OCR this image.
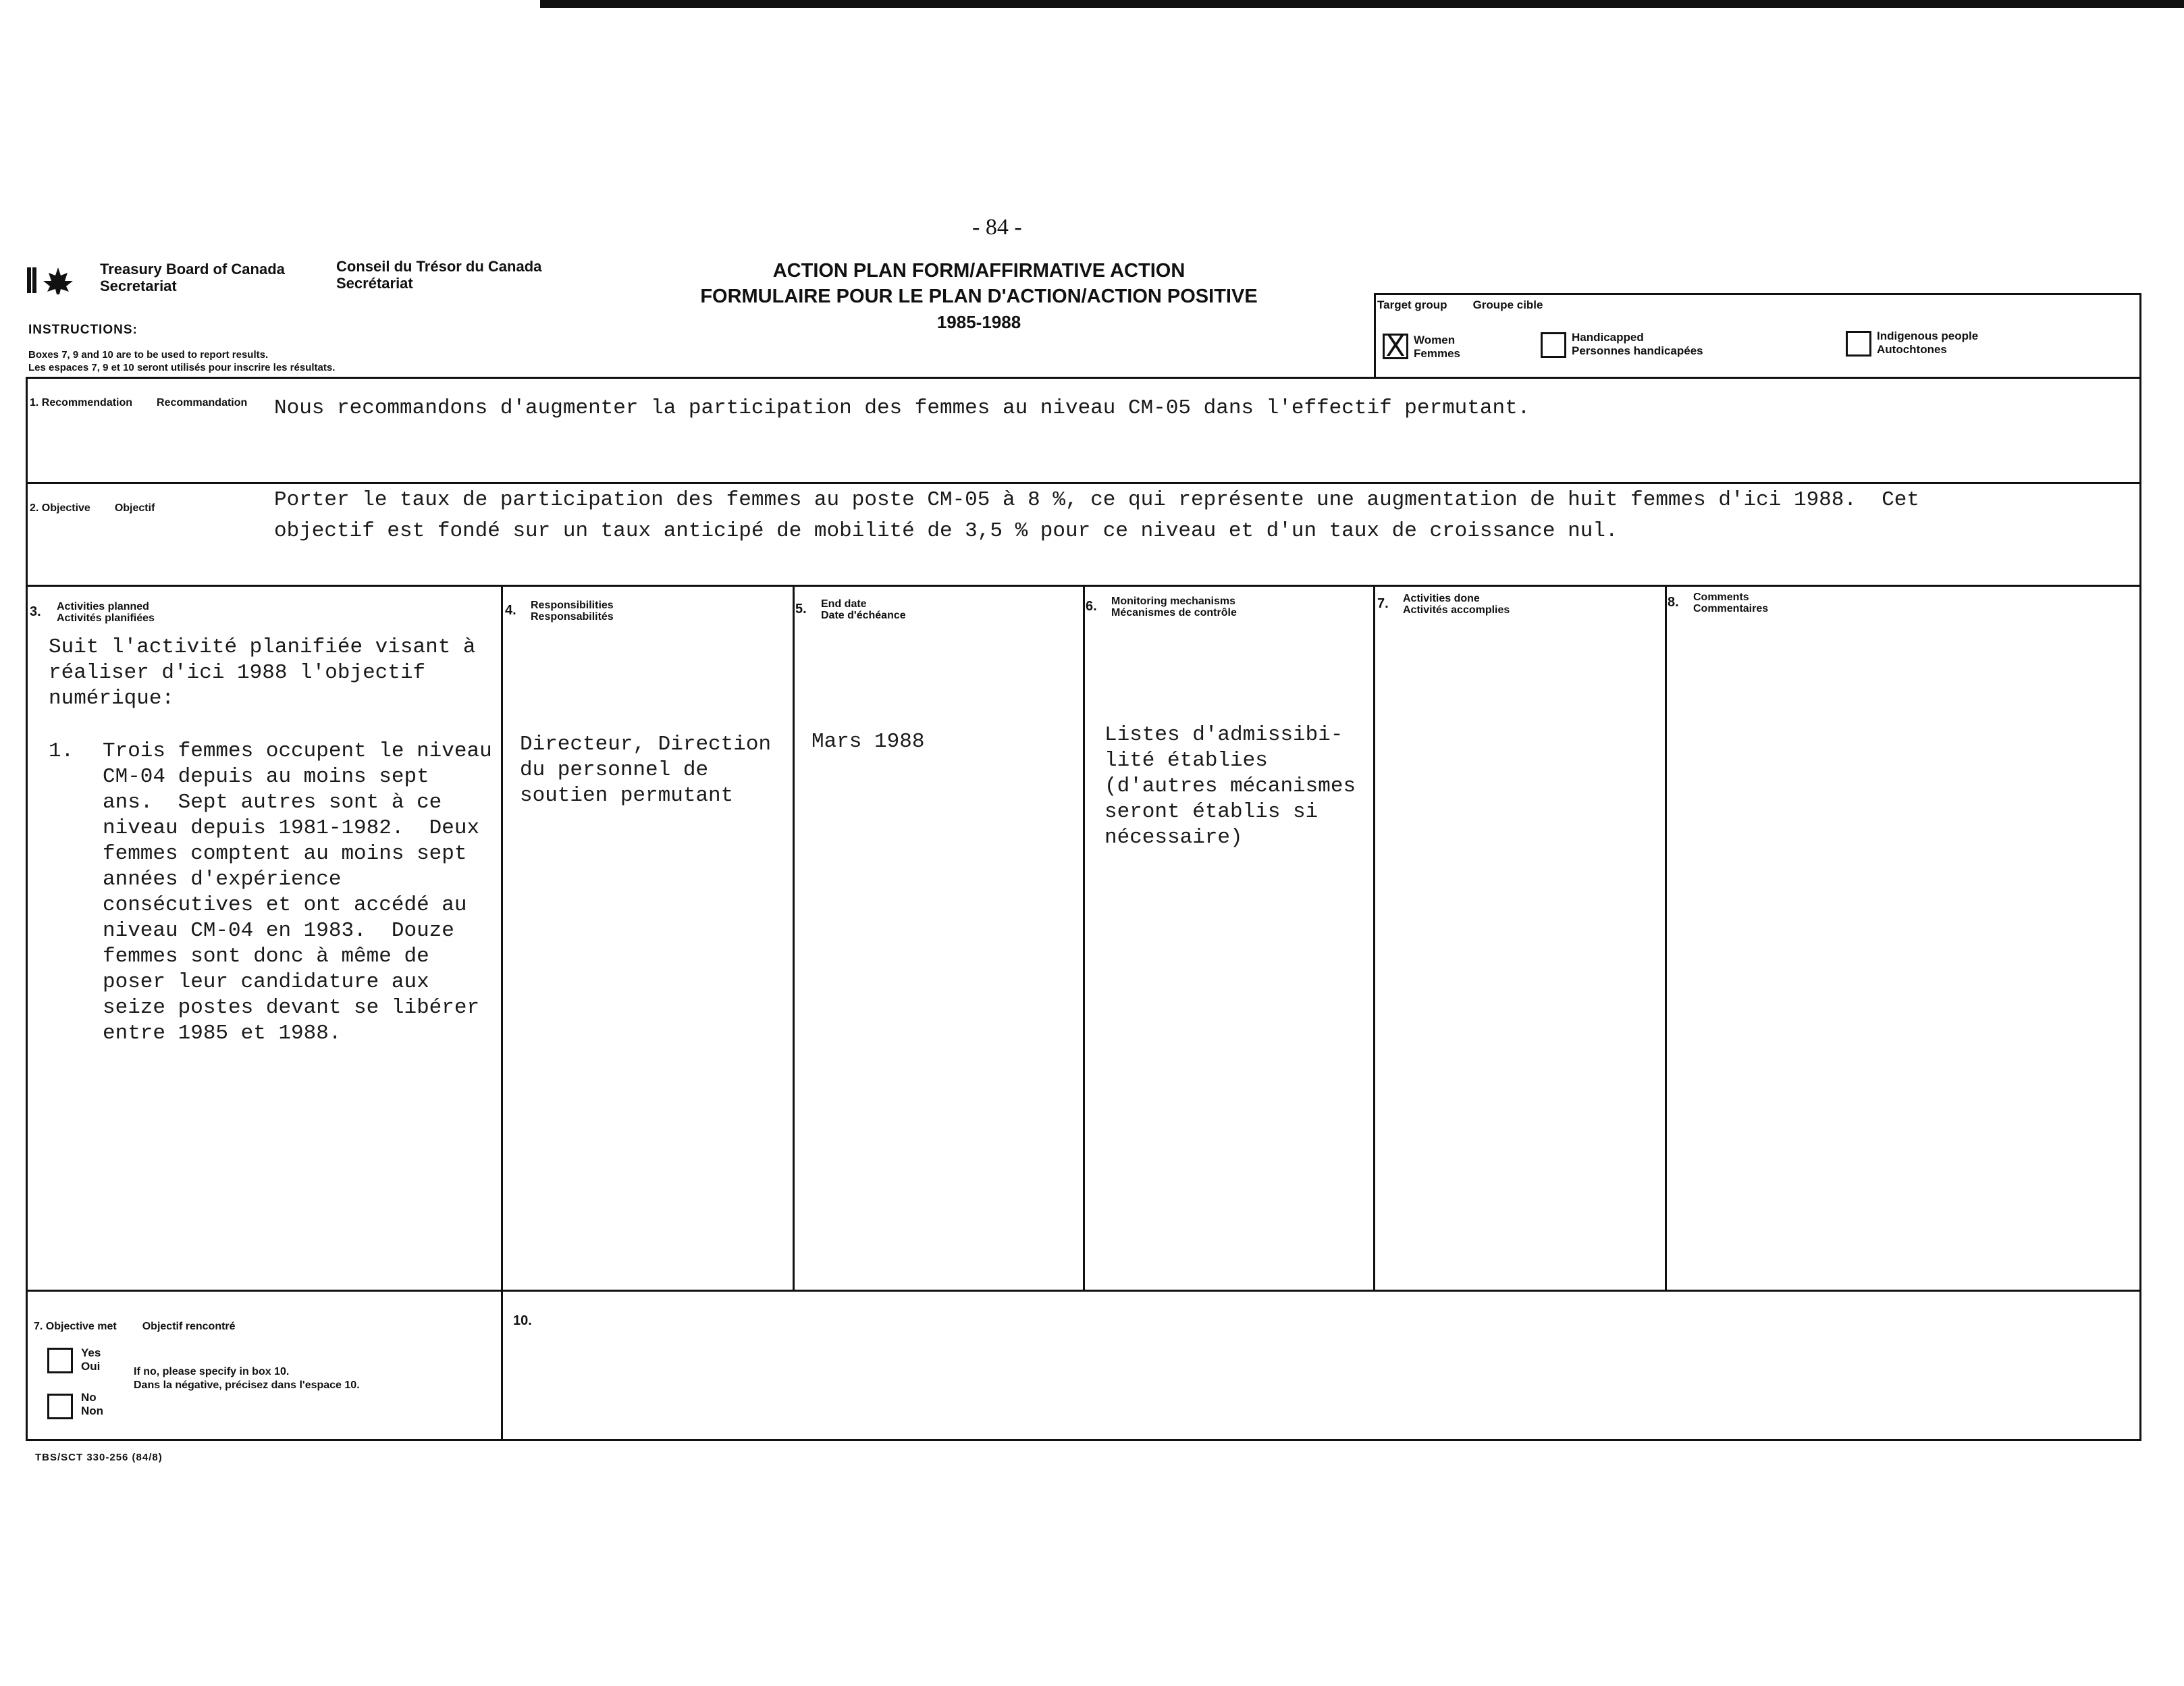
- 84 -
Treasury Board of Canada
Secretariat
Conseil du Trésor du Canada
Secrétariat
ACTION PLAN FORM/AFFIRMATIVE ACTION
FORMULAIRE POUR LE PLAN D'ACTION/ACTION POSITIVE
1985-1988
INSTRUCTIONS:
Boxes 7, 9 and 10 are to be used to report results.
Les espaces 7, 9 et 10 seront utilisés pour inscrire les résultats.
Target group Groupe cible
X Women
Femmes
Handicapped
Personnes handicapées
Indigenous people
Autochtones
1. Recommendation Recommandation Nous recommandons d'augmenter la participation des femmes au niveau CM-05 dans l'effectif permutant.
2. Objective Objectif	Porter le taux de participation des femmes au poste CM-05 à 8 %, ce qui représente une augmentation de huit femmes d'ici 1988.  Cet
objectif est fondé sur un taux anticipé de mobilité de 3,5 % pour ce niveau et d'un taux de croissance nul.
3. Activities planned
Activités planifiées
4. Responsibilities
Responsabilités
5. End date
Date d'échéance
6. Monitoring mechanisms
Mécanismes de contrôle
7. Activities done
Activités accomplies
8. Comments
Commentaires
Suit l'activité planifiée visant à
réaliser d'ici 1988 l'objectif
numérique:
1. Trois femmes occupent le niveau
CM-04 depuis au moins sept
ans.  Sept autres sont à ce
niveau depuis 1981-1982.  Deux
femmes comptent au moins sept
années d'expérience
consécutives et ont accédé au
niveau CM-04 en 1983.  Douze
femmes sont donc à même de
poser leur candidature aux
seize postes devant se libérer
entre 1985 et 1988.
Directeur, Direction
du personnel de
soutien permutant
Mars 1988	Listes d'admissibi-
lité établies
(d'autres mécanismes
seront établis si
nécessaire)
7. Objective met Objectif rencontré
Yes
Oui
No
Non
If no, please specify in box 10.
Dans la négative, précisez dans l'espace 10.
10.
TBS/SCT 330-256 (84/8)
